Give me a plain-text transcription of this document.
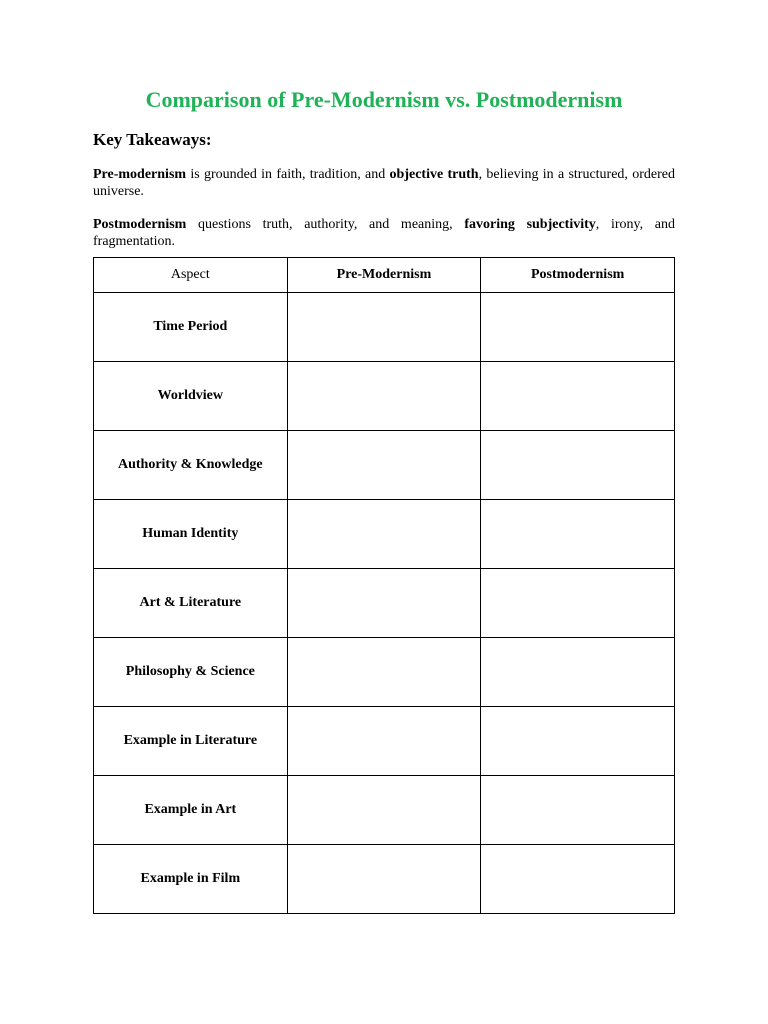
Comparison of Pre-Modernism vs. Postmodernism
Key Takeaways:

Pre-modernism is grounded in faith, tradition, and objective truth, believing in a structured, ordered universe.

Postmodernism questions truth, authority, and meaning, favoring subjectivity, irony, and fragmentation.

Aspect	Pre-Modernism	Postmodernism
Time Period		
Worldview		
Authority & Knowledge		
Human Identity		
Art & Literature		
Philosophy & Science		
Example in Literature		
Example in Art		
Example in Film		
